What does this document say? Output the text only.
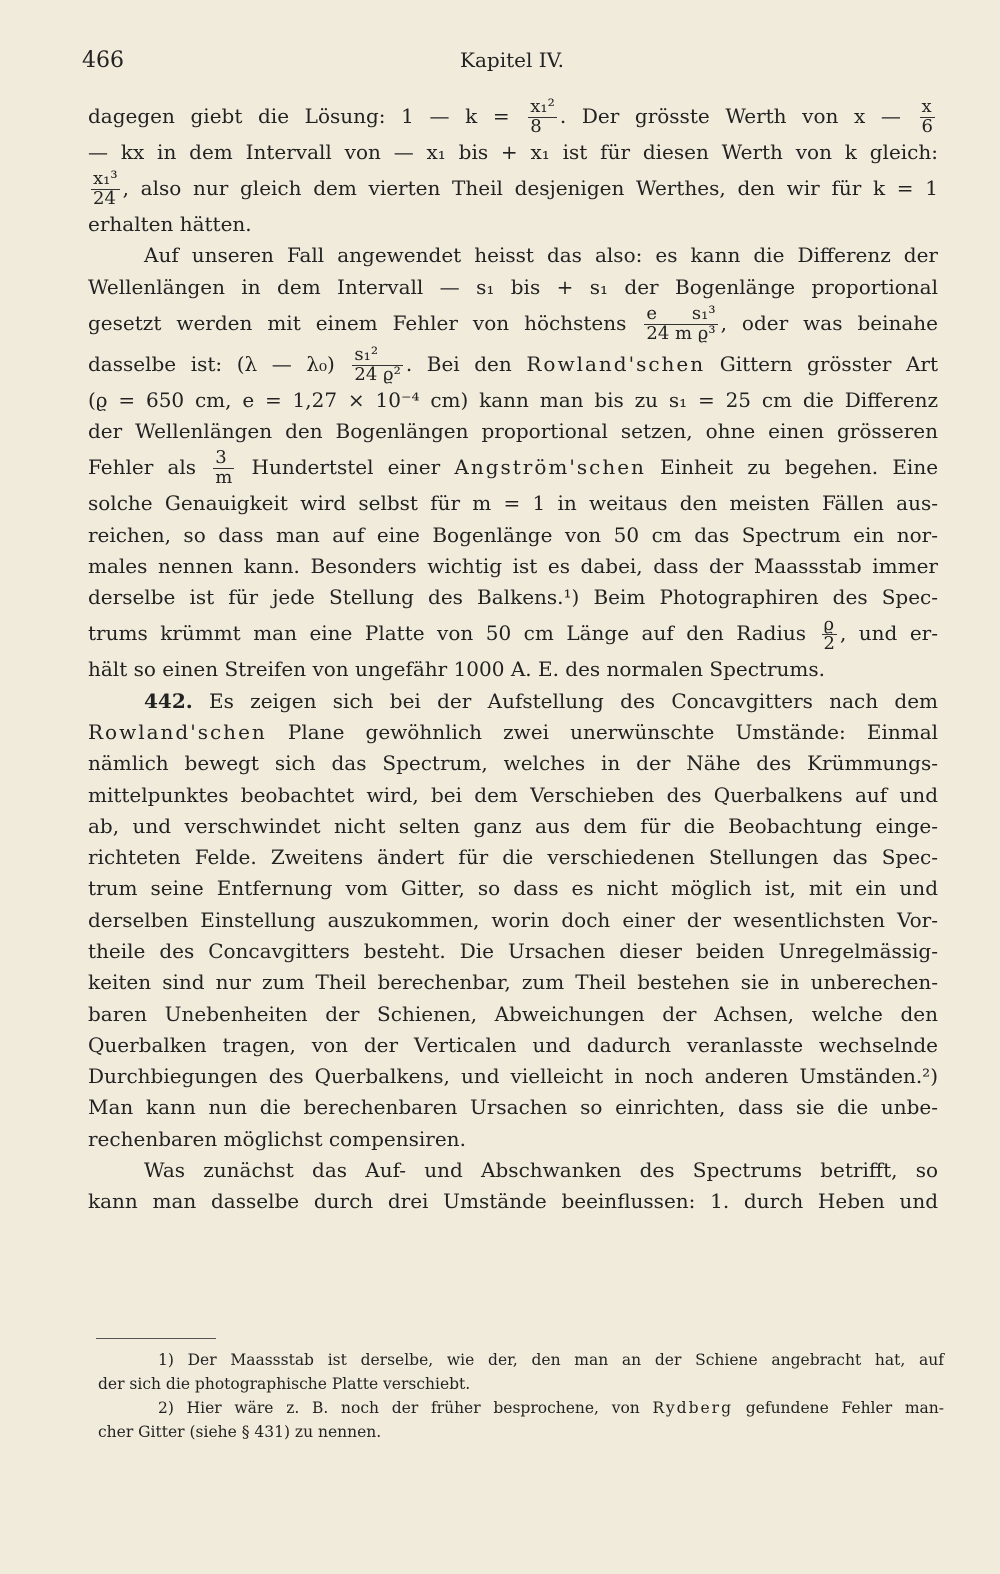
466	Kapitel IV.
dagegen giebt die Lösung: 1 — $k = \frac{\text{x₁²}}{8}$ . Der grösste Werth von x — $\frac{x}{6}$
— kx in dem Intervall von — x₁ bis + x₁ ist für diesen Werth von k gleich:
$\frac{\text{x₁³}}{24}$ , also nur gleich dem vierten Theil desjenigen Werthes, den wir für k = 1
erhalten hätten.
Auf unseren Fall angewendet heisst das also: es kann die Differenz der
Wellenlängen in dem Intervall — s₁ bis + s₁ der Bogenlänge proportional
gesetzt werden mit einem Fehler von höchstens $\frac{\text{e s₁³}}{\text{24 m ϱ³}}$ , oder was beinahe
dasselbe ist: (λ — $\lambda_0) \frac{\text{s₁²}}{\text{24 ϱ²}}$ . Bei den Rowland'schen Gittern grösster Art
(ϱ = 650 cm, e = 1,27 × 10⁻⁴ cm) kann man bis zu s₁ = 25 cm die Differenz
der Wellenlängen den Bogenlängen proportional setzen, ohne einen grösseren
Fehler als $\frac{3}{m}$ Hundertstel einer Angström'schen Einheit zu begehen. Eine
solche Genauigkeit wird selbst für m = 1 in weitaus den meisten Fällen aus-
reichen, so dass man auf eine Bogenlänge von 50 cm das Spectrum ein nor-
males nennen kann. Besonders wichtig ist es dabei, dass der Maassstab immer
derselbe ist für jede Stellung des Balkens.¹) Beim Photographiren des Spec-
trums krümmt man eine Platte von 50 cm Länge auf den Radius $\frac{ϱ}{2}$ , und er-
hält so einen Streifen von ungefähr 1000 A. E. des normalen Spectrums.
442. Es zeigen sich bei der Aufstellung des Concavgitters nach dem
Rowland'schen Plane gewöhnlich zwei unerwünschte Umstände: Einmal
nämlich bewegt sich das Spectrum, welches in der Nähe des Krümmungs-
mittelpunktes beobachtet wird, bei dem Verschieben des Querbalkens auf und
ab, und verschwindet nicht selten ganz aus dem für die Beobachtung einge-
richteten Felde. Zweitens ändert für die verschiedenen Stellungen das Spec-
trum seine Entfernung vom Gitter, so dass es nicht möglich ist, mit ein und
derselben Einstellung auszukommen, worin doch einer der wesentlichsten Vor-
theile des Concavgitters besteht. Die Ursachen dieser beiden Unregelmässig-
keiten sind nur zum Theil berechenbar, zum Theil bestehen sie in unberechen-
baren Unebenheiten der Schienen, Abweichungen der Achsen, welche den
Querbalken tragen, von der Verticalen und dadurch veranlasste wechselnde
Durchbiegungen des Querbalkens, und vielleicht in noch anderen Umständen.²)
Man kann nun die berechenbaren Ursachen so einrichten, dass sie die unbe-
rechenbaren möglichst compensiren.
Was zunächst das Auf- und Abschwanken des Spectrums betrifft, so
kann man dasselbe durch drei Umstände beeinflussen: 1. durch Heben und
1) Der Maassstab ist derselbe, wie der, den man an der Schiene angebracht hat, auf
der sich die photographische Platte verschiebt.
2) Hier wäre z. B. noch der früher besprochene, von Rydberg gefundene Fehler man-
cher Gitter (siehe § 431) zu nennen.
